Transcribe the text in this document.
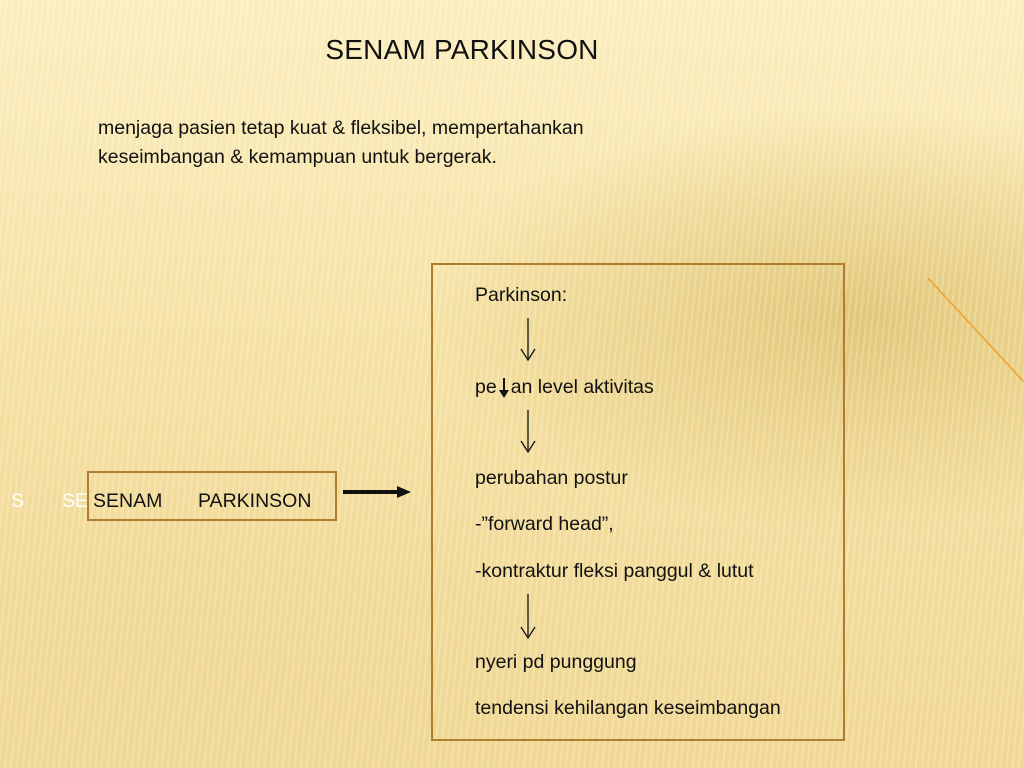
SENAM PARKINSON
menjaga pasien tetap kuat & fleksibel, mempertahankan keseimbangan & kemampuan untuk bergerak.
S SE SENAM PARKINSON
Parkinson:
pe an level aktivitas
perubahan postur
-”forward head”,
-kontraktur fleksi panggul & lutut
nyeri pd punggung
tendensi kehilangan keseimbangan
